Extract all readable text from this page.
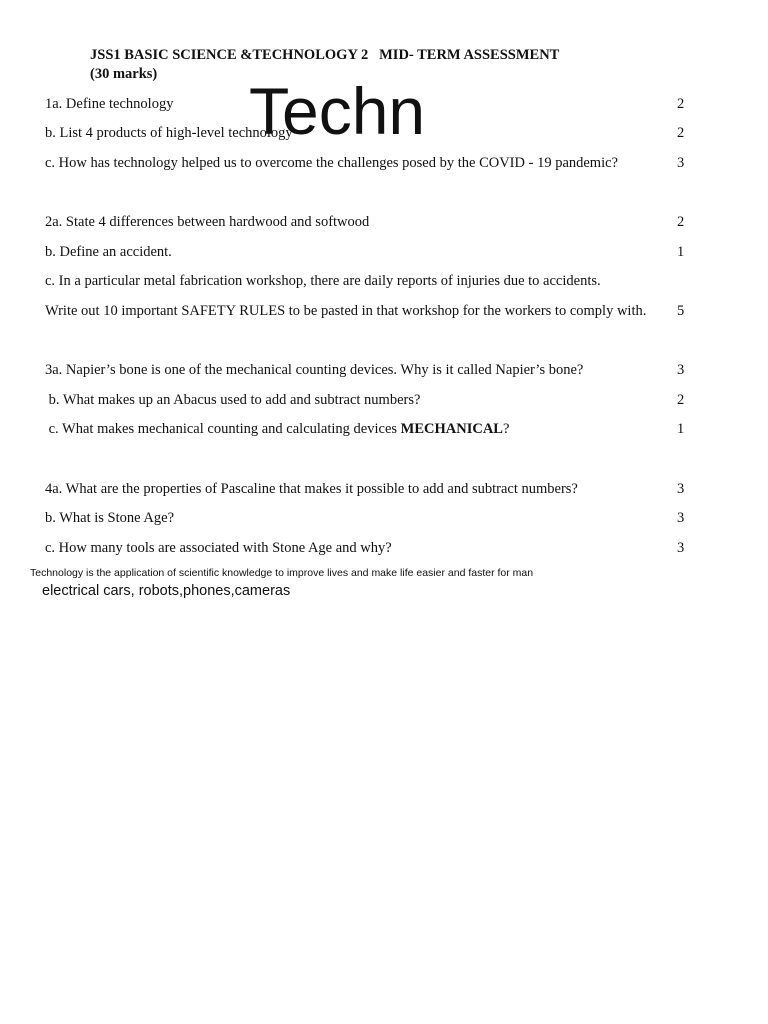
JSS1 BASIC SCIENCE &TECHNOLOGY 2   MID- TERM ASSESSMENT
(30 marks)
1a. Define technology	2
b. List 4 products of high-level technology	2
c. How has technology helped us to overcome the challenges posed by the COVID - 19 pandemic?	3
2a. State 4 differences between hardwood and softwood	2
b. Define an accident.	1
c. In a particular metal fabrication workshop, there are daily reports of injuries due to accidents.
Write out 10 important SAFETY RULES to be pasted in that workshop for the workers to comply with. 5
3a. Napier’s bone is one of the mechanical counting devices. Why is it called Napier’s bone?	3
b. What makes up an Abacus used to add and subtract numbers?	2
c. What makes mechanical counting and calculating devices MECHANICAL?	1
4a. What are the properties of Pascaline that makes it possible to add and subtract numbers?	3
b. What is Stone Age?	3
c. How many tools are associated with Stone Age and why?	3
Technology is the application of scientific knowledge to improve lives and make life easier and faster for man
electrical cars, robots,phones,cameras
Techn
